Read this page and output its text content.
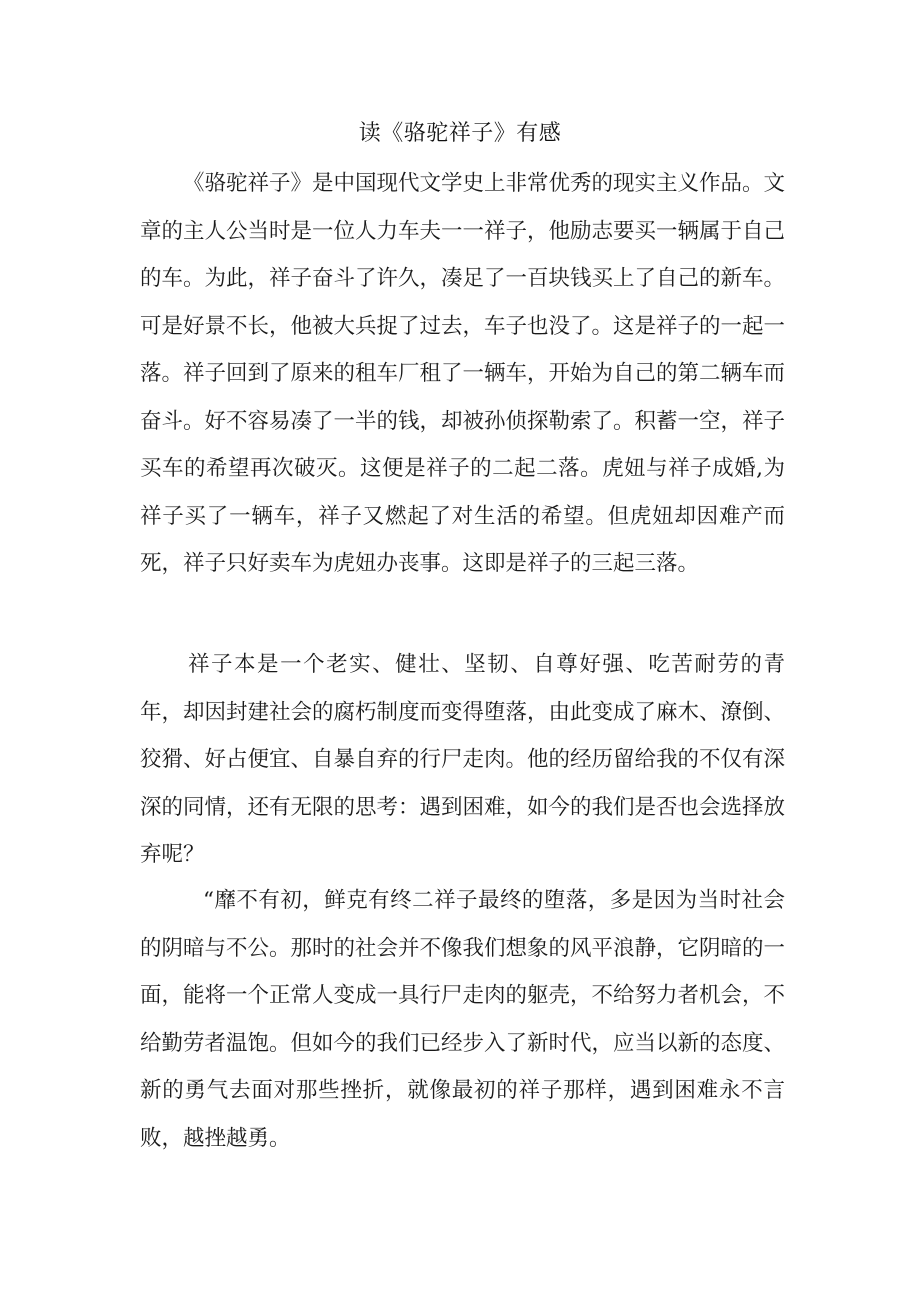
读《骆驼祥子》有感

《骆驼祥子》是中国现代文学史上非常优秀的现实主义作品。文章的主人公当时是一位人力车夫一一祥子，他励志要买一辆属于自己的车。为此，祥子奋斗了许久，凑足了一百块钱买上了自己的新车。可是好景不长，他被大兵捉了过去，车子也没了。这是祥子的一起一落。祥子回到了原来的租车厂租了一辆车，开始为自己的第二辆车而奋斗。好不容易凑了一半的钱，却被孙侦探勒索了。积蓄一空，祥子买车的希望再次破灭。这便是祥子的二起二落。虎妞与祥子成婚,为祥子买了一辆车，祥子又燃起了对生活的希望。但虎妞却因难产而死，祥子只好卖车为虎妞办丧事。这即是祥子的三起三落。

祥子本是一个老实、健壮、坚韧、自尊好强、吃苦耐劳的青年，却因封建社会的腐朽制度而变得堕落，由此变成了麻木、潦倒、狡猾、好占便宜、自暴自弃的行尸走肉。他的经历留给我的不仅有深深的同情，还有无限的思考：遇到困难，如今的我们是否也会选择放弃呢？

“靡不有初，鲜克有终二祥子最终的堕落，多是因为当时社会的阴暗与不公。那时的社会并不像我们想象的风平浪静，它阴暗的一面，能将一个正常人变成一具行尸走肉的躯壳，不给努力者机会，不给勤劳者温饱。但如今的我们已经步入了新时代，应当以新的态度、新的勇气去面对那些挫折，就像最初的祥子那样，遇到困难永不言败，越挫越勇。
